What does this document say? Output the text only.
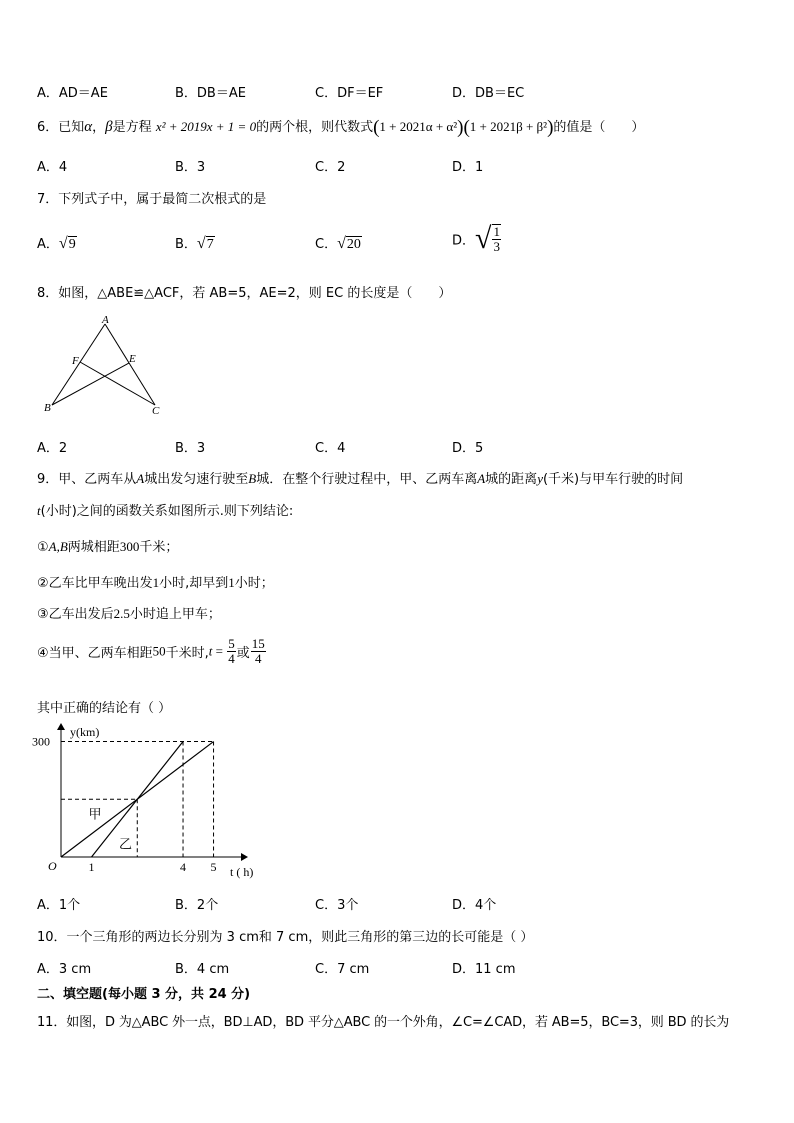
A．AD＝AE	B．DB＝AE	C．DF＝EF	D．DB＝EC
6．已知α，β是方程 x² + 2019x + 1 = 0的两个根，则代数式(1 + 2021α + α²)(1 + 2021β + β²)的值是（　　）
A．4	B．3	C．2	D．1
7．下列式子中，属于最简二次根式的是
A．√9	B．√7	C．√20	D．√ $\frac{1}{3}$
8．如图，△ABE≌△ACF，若 AB=5，AE=2，则 EC 的长度是（　　）
A
B	C
E
F
A．2	B．3	C．4	D．5
9．甲、乙两车从A城出发匀速行驶至B城．在整个行驶过程中，甲、乙两车离A城的距离y(千米)与甲车行驶的时间
t(小时)之间的函数关系如图所示.则下列结论:
①A,B两城相距300千米；
②乙车比甲车晚出发1小时,却早到1小时；
③乙车出发后2.5小时追上甲车；
④当甲、乙两车相距50千米时$,t = \frac{5}{4}$ 或 $\frac{15}{4}$
其中正确的结论有（ ）
y(km)
t ( h)
O
甲
乙
1	4 5
300
A．1个	B．2个	C．3个	D．4个
10．一个三角形的两边长分别为 3 cm和 7 cm，则此三角形的第三边的长可能是（ ）
A．3 cm	B．4 cm	C．7 cm	D．11 cm
二、填空题(每小题 3 分，共 24 分)
11．如图，D 为△ABC 外一点，BD⊥AD，BD 平分△ABC 的一个外角，∠C=∠CAD，若 AB=5，BC=3，则 BD 的长为
